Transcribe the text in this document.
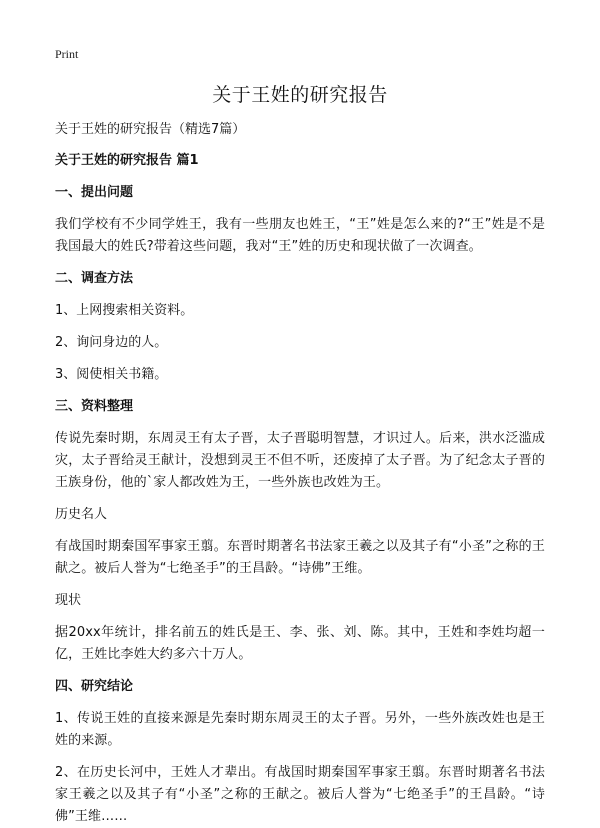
Print
关于王姓的研究报告

关于王姓的研究报告（精选7篇）

关于王姓的研究报告 篇1

一、提出问题

我们学校有不少同学姓王，我有一些朋友也姓王，“王”姓是怎么来的?“王”姓是不是我国最大的姓氏?带着这些问题，我对“王”姓的历史和现状做了一次调查。

二、调查方法

1、上网搜索相关资料。

2、询问身边的人。

3、阅使相关书籍。

三、资料整理

传说先秦时期，东周灵王有太子晋，太子晋聪明智慧，才识过人。后来，洪水泛滥成灾，太子晋给灵王献计，没想到灵王不但不听，还废掉了太子晋。为了纪念太子晋的王族身份，他的`家人都改姓为王，一些外族也改姓为王。

历史名人

有战国时期秦国军事家王翦。东晋时期著名书法家王羲之以及其子有“小圣”之称的王献之。被后人誉为“七绝圣手”的王昌龄。“诗佛”王维。

现状

据20xx年统计，排名前五的姓氏是王、李、张、刘、陈。其中，王姓和李姓均超一亿，王姓比李姓大约多六十万人。

四、研究结论

1、传说王姓的直接来源是先秦时期东周灵王的太子晋。另外，一些外族改姓也是王姓的来源。

2、在历史长河中，王姓人才辈出。有战国时期秦国军事家王翦。东晋时期著名书法家王羲之以及其子有“小圣”之称的王献之。被后人誉为“七绝圣手”的王昌龄。“诗佛”王维……
